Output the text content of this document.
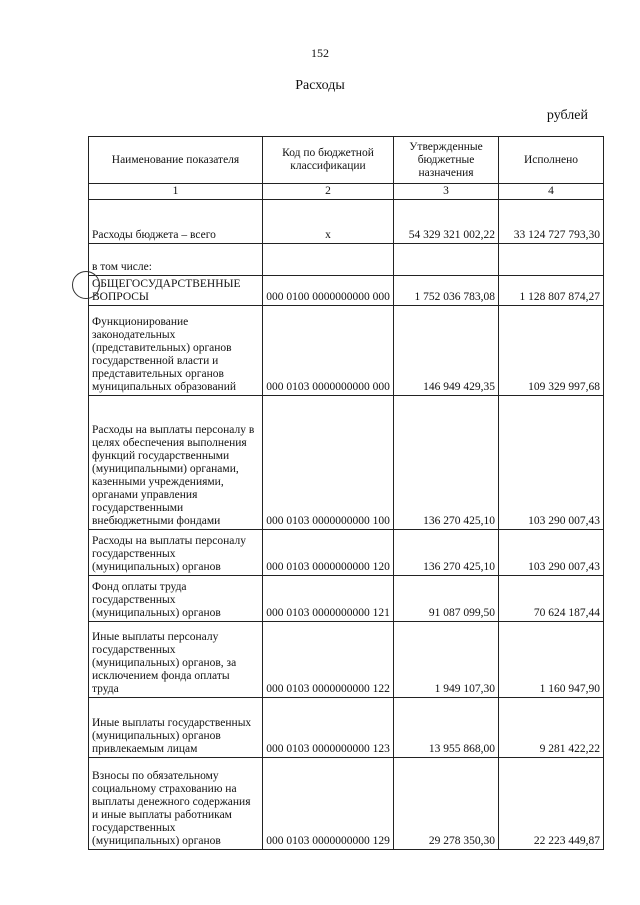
152
Расходы
рублей
Наименование показателя	Код по бюджетной классификации	Утвержденные бюджетные назначения	Исполнено
1	2	3	4
Расходы бюджета – всего	x	54 329 321 002,22	33 124 727 793,30
в том числе:			
ОБЩЕГОСУДАРСТВЕННЫЕ ВОПРОСЫ	000 0100 0000000000 000	1 752 036 783,08	1 128 807 874,27
Функционирование законодательных (представительных) органов государственной власти и представительных органов муниципальных образований	000 0103 0000000000 000	146 949 429,35	109 329 997,68
Расходы на выплаты персоналу в целях обеспечения выполнения функций государственными (муниципальными) органами, казенными учреждениями, органами управления государственными внебюджетными фондами	000 0103 0000000000 100	136 270 425,10	103 290 007,43
Расходы на выплаты персоналу государственных (муниципальных) органов	000 0103 0000000000 120	136 270 425,10	103 290 007,43
Фонд оплаты труда государственных (муниципальных) органов	000 0103 0000000000 121	91 087 099,50	70 624 187,44
Иные выплаты персоналу государственных (муниципальных) органов, за исключением фонда оплаты труда	000 0103 0000000000 122	1 949 107,30	1 160 947,90
Иные выплаты государственных (муниципальных) органов привлекаемым лицам	000 0103 0000000000 123	13 955 868,00	9 281 422,22
Взносы по обязательному социальному страхованию на выплаты денежного содержания и иные выплаты работникам государственных (муниципальных) органов	000 0103 0000000000 129	29 278 350,30	22 223 449,87
